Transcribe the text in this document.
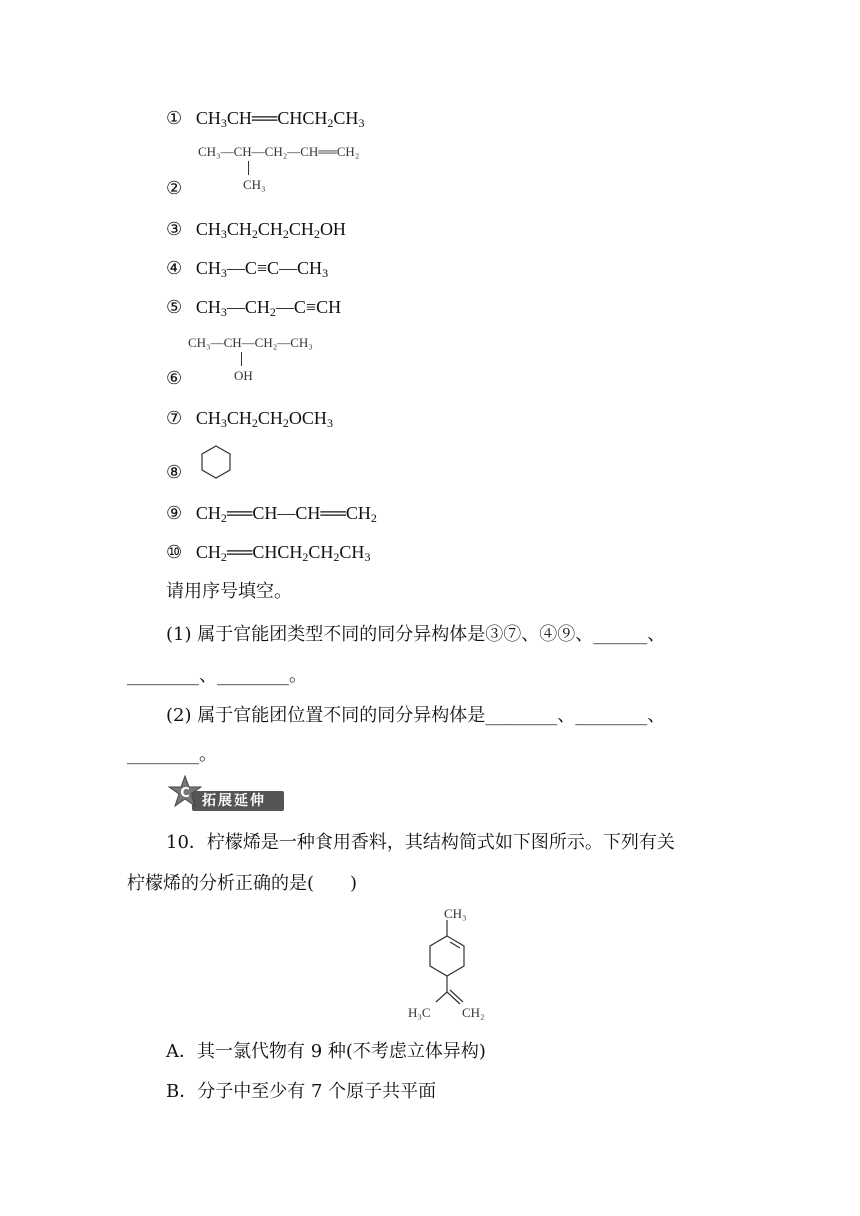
① $CH_3CH══CHCH_2CH_3$
CH₃—CH—CH₂—CH══CH₂
CH₃
②
③ $CH_3CH_2CH_2CH_2OH$
④ $CH_3—C\equiv C—CH_3$
⑤ $CH_3—CH_2—C\equiv CH$
CH₃—CH—CH₂—CH₃
OH
⑥
⑦ $CH_3CH_2CH_2OCH_3$
⑧
⑨ $CH_2══CH—CH══CH_2$
⑩ $CH_2══CHCH_2CH_2CH_3$
请用序号填空。
(1) 属于官能团类型不同的同分异构体是③⑦、④⑨、______、
________、________。
(2) 属于官能团位置不同的同分异构体是________、________、
________。
拓展延伸
C
10．柠檬烯是一种食用香料，其结构简式如下图所示。下列有关
柠檬烯的分析正确的是(　　)
CH₃
H₃C CH₂
A．其一氯代物有 9 种(不考虑立体异构)
B．分子中至少有 7 个原子共平面
